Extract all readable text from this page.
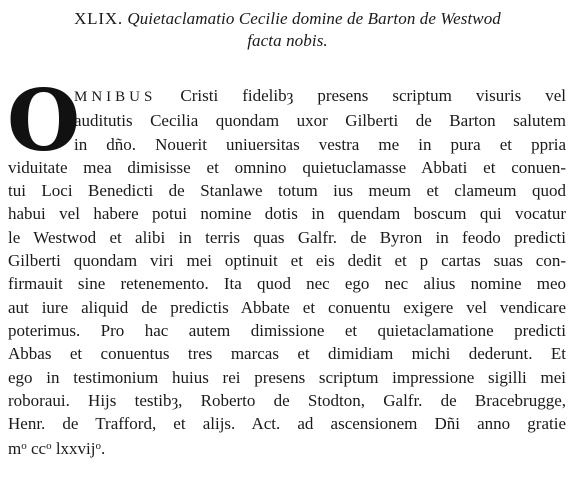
XLIX. Quietaclamatio Cecilie domine de Barton de Westwod
facta nobis.
O
MNIBUS Cristi fidelibȝ presens scriptum visuris vel
auditutis Cecilia quondam uxor Gilberti de Barton salutem
in dño. Nouerit uniuersitas vestra me in pura et ppria
viduitate mea dimisisse et omnino quietuclamasse Abbati et conuen-
tui Loci Benedicti de Stanlawe totum ius meum et clameum quod
habui vel habere potui nomine dotis in quendam boscum qui vocatur
le Westwod et alibi in terris quas Galfr. de Byron in feodo predicti
Gilberti quondam viri mei optinuit et eis dedit et p cartas suas con-
firmauit sine retenemento. Ita quod nec ego nec alius nomine meo
aut iure aliquid de predictis Abbate et conuentu exigere vel vendicare
poterimus. Pro hac autem dimissione et quietaclamatione predicti
Abbas et conuentus tres marcas et dimidiam michi dederunt. Et
ego in testimonium huius rei presens scriptum impressione sigilli mei
roboraui. Hijs testibȝ, Roberto de Stodton, Galfr. de Bracebrugge,
Henr. de Trafford, et alijs. Act. ad ascensionem Dñi anno gratie
$m^o$ $cc^o$ lxxvij$^o$.
